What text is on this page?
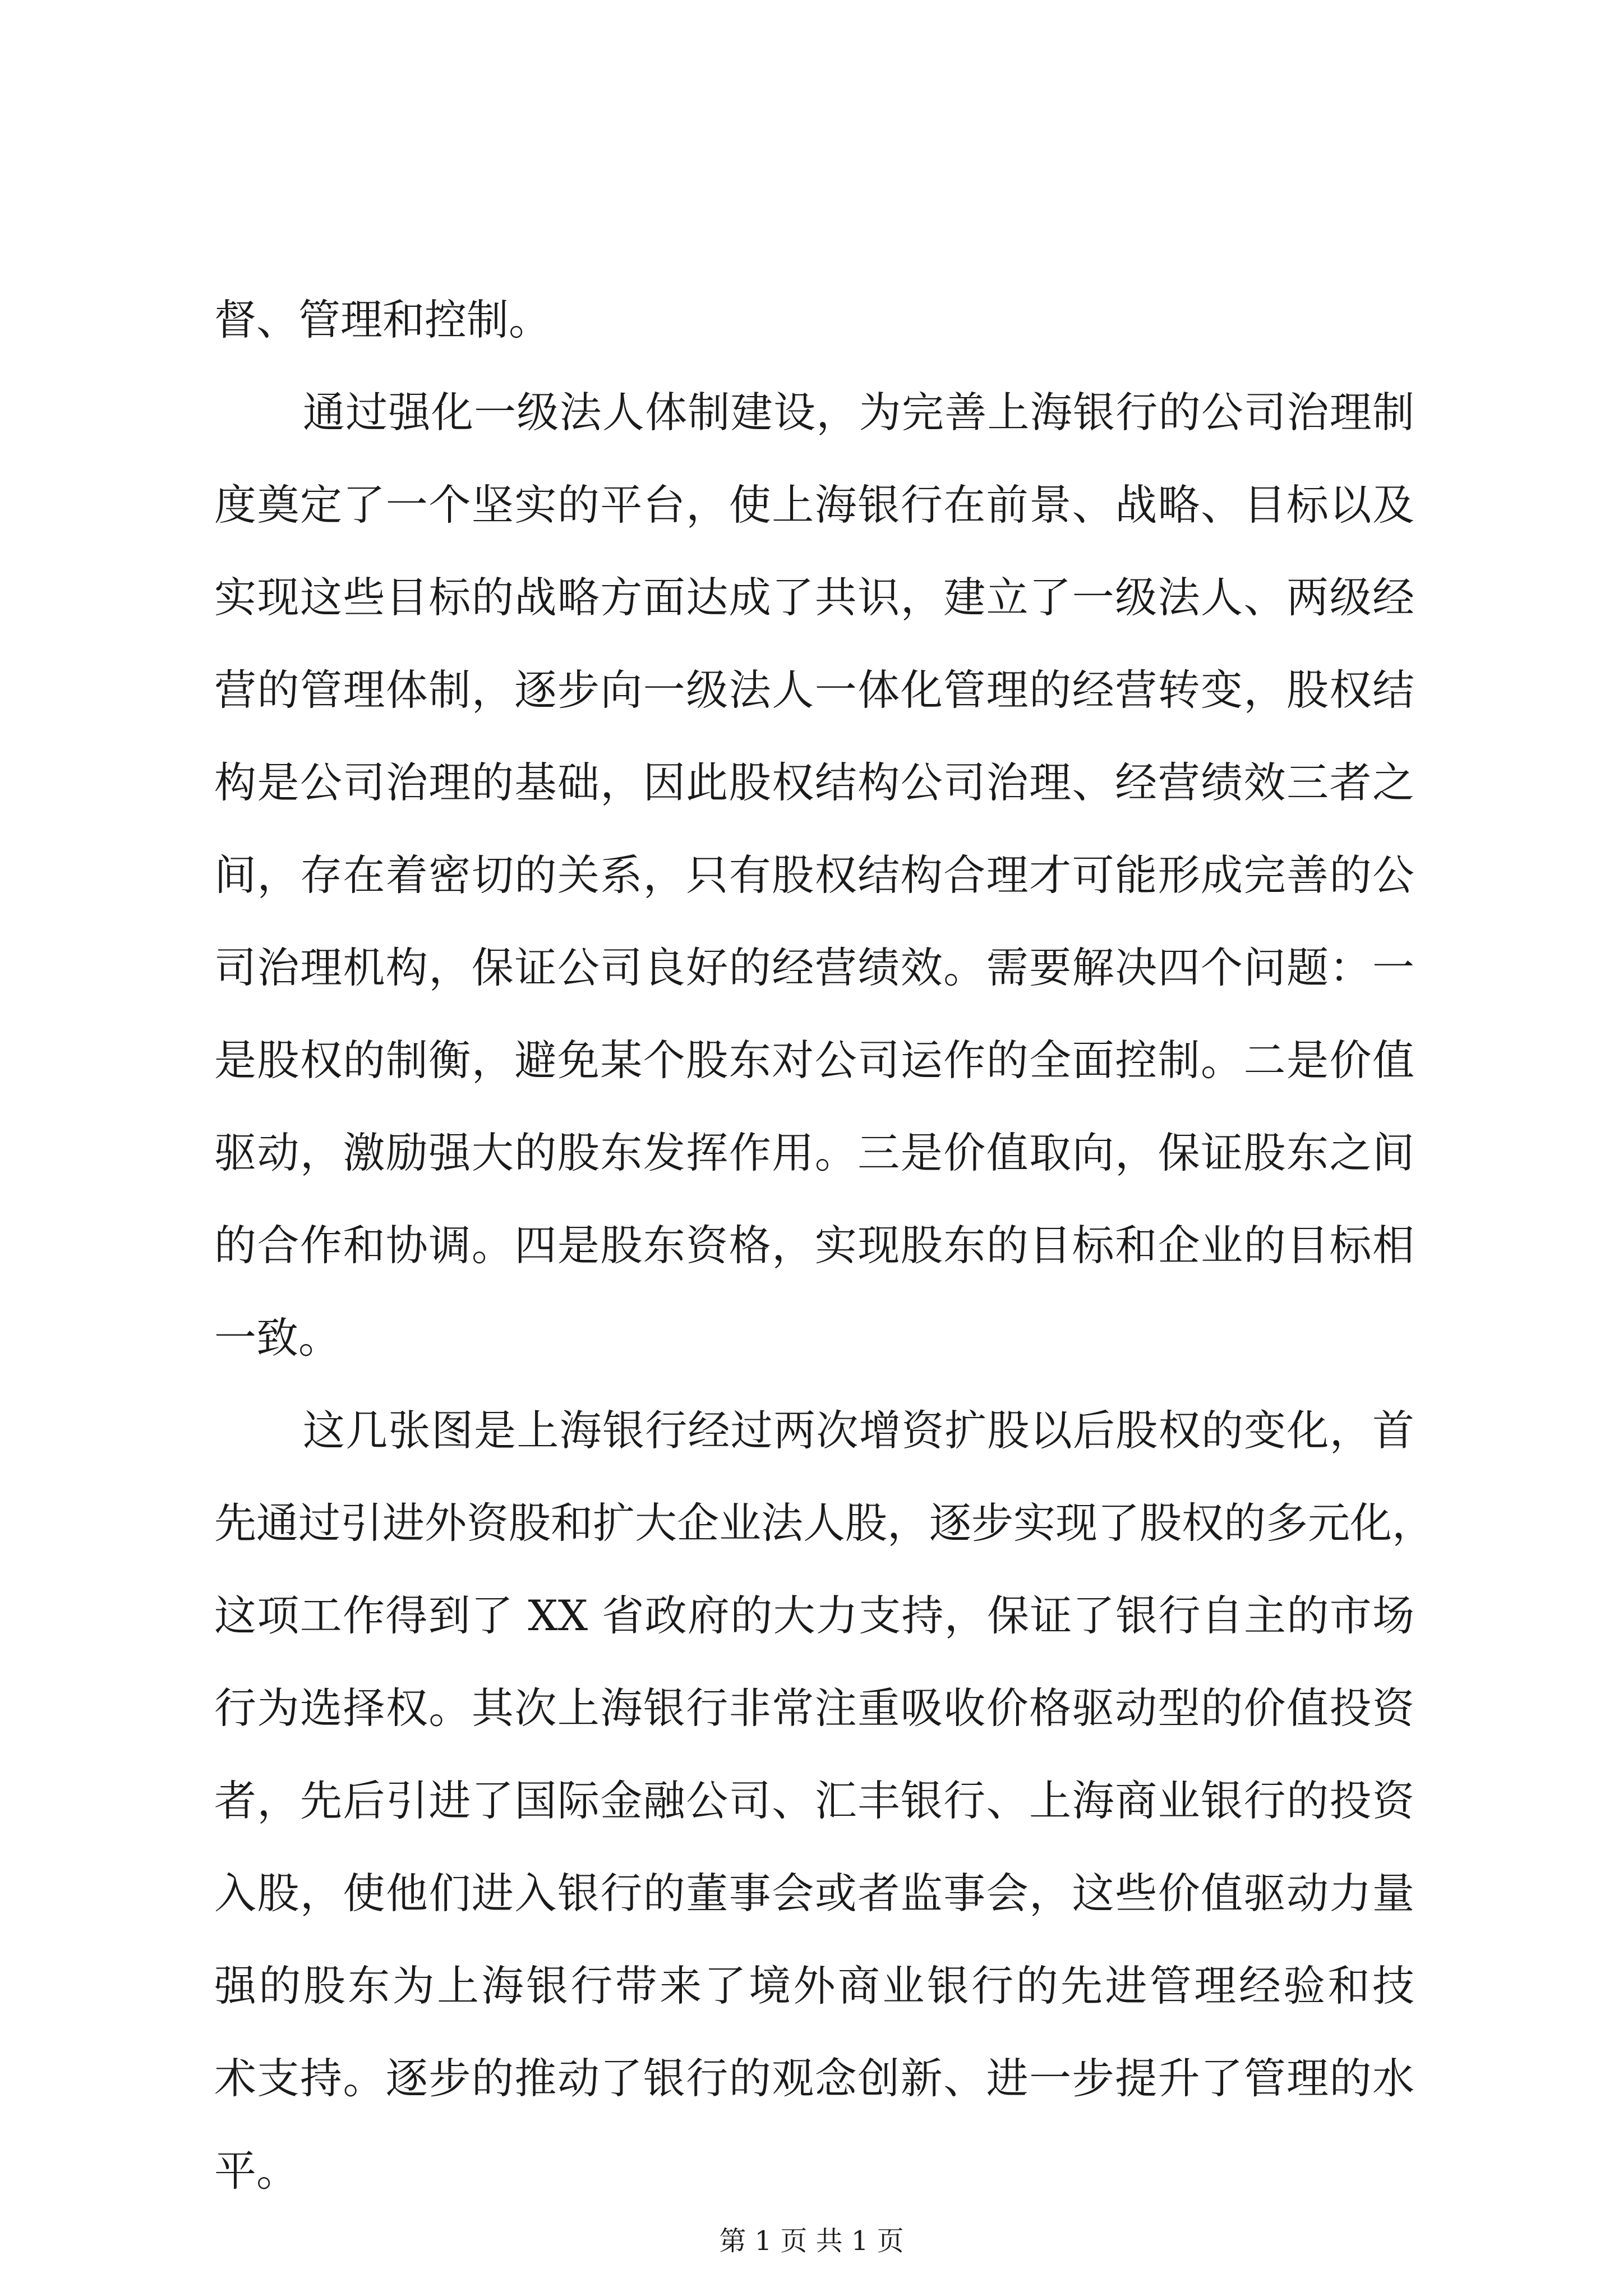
督、管理和控制。
通过强化一级法人体制建设，为完善上海银行的公司治理制
度奠定了一个坚实的平台，使上海银行在前景、战略、目标以及
实现这些目标的战略方面达成了共识，建立了一级法人、两级经
营的管理体制，逐步向一级法人一体化管理的经营转变，股权结
构是公司治理的基础，因此股权结构公司治理、经营绩效三者之
间，存在着密切的关系，只有股权结构合理才可能形成完善的公
司治理机构，保证公司良好的经营绩效。需要解决四个问题：一
是股权的制衡，避免某个股东对公司运作的全面控制。二是价值
驱动，激励强大的股东发挥作用。三是价值取向，保证股东之间
的合作和协调。四是股东资格，实现股东的目标和企业的目标相
一致。
这几张图是上海银行经过两次增资扩股以后股权的变化，首
先通过引进外资股和扩大企业法人股，逐步实现了股权的多元化，
这项工作得到了 XX 省政府的大力支持，保证了银行自主的市场
行为选择权。其次上海银行非常注重吸收价格驱动型的价值投资
者，先后引进了国际金融公司、汇丰银行、上海商业银行的投资
入股，使他们进入银行的董事会或者监事会，这些价值驱动力量
强的股东为上海银行带来了境外商业银行的先进管理经验和技
术支持。逐步的推动了银行的观念创新、进一步提升了管理的水
平。
第 1 页 共 1 页
